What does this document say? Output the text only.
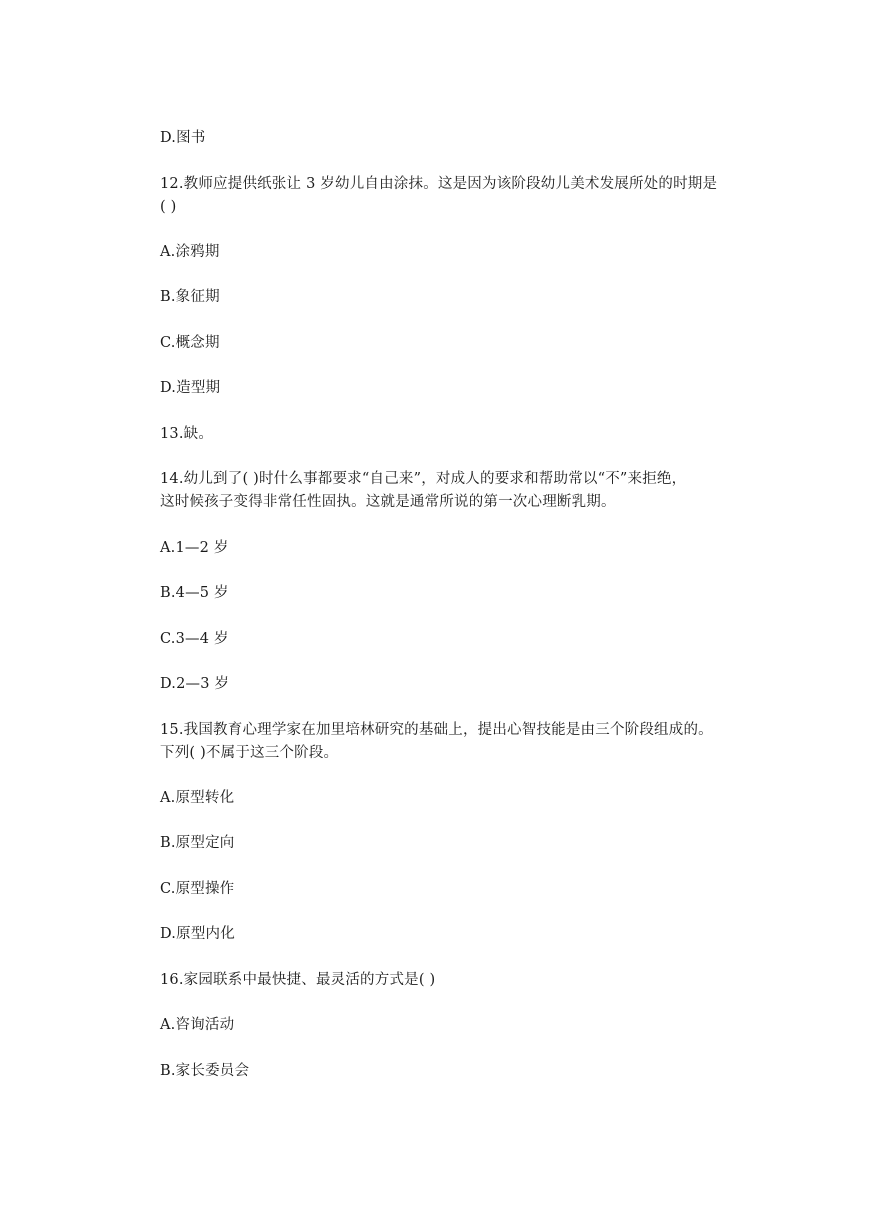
D.图书
12.教师应提供纸张让 3 岁幼儿自由涂抹。这是因为该阶段幼儿美术发展所处的时期是
( )
A.涂鸦期
B.象征期
C.概念期
D.造型期
13.缺。
14.幼儿到了( )时什么事都要求“自己来”，对成人的要求和帮助常以“不”来拒绝，
这时候孩子变得非常任性固执。这就是通常所说的第一次心理断乳期。
A.1—2 岁
B.4—5 岁
C.3—4 岁
D.2—3 岁
15.我国教育心理学家在加里培林研究的基础上，提出心智技能是由三个阶段组成的。
下列( )不属于这三个阶段。
A.原型转化
B.原型定向
C.原型操作
D.原型内化
16.家园联系中最快捷、最灵活的方式是( )
A.咨询活动
B.家长委员会
